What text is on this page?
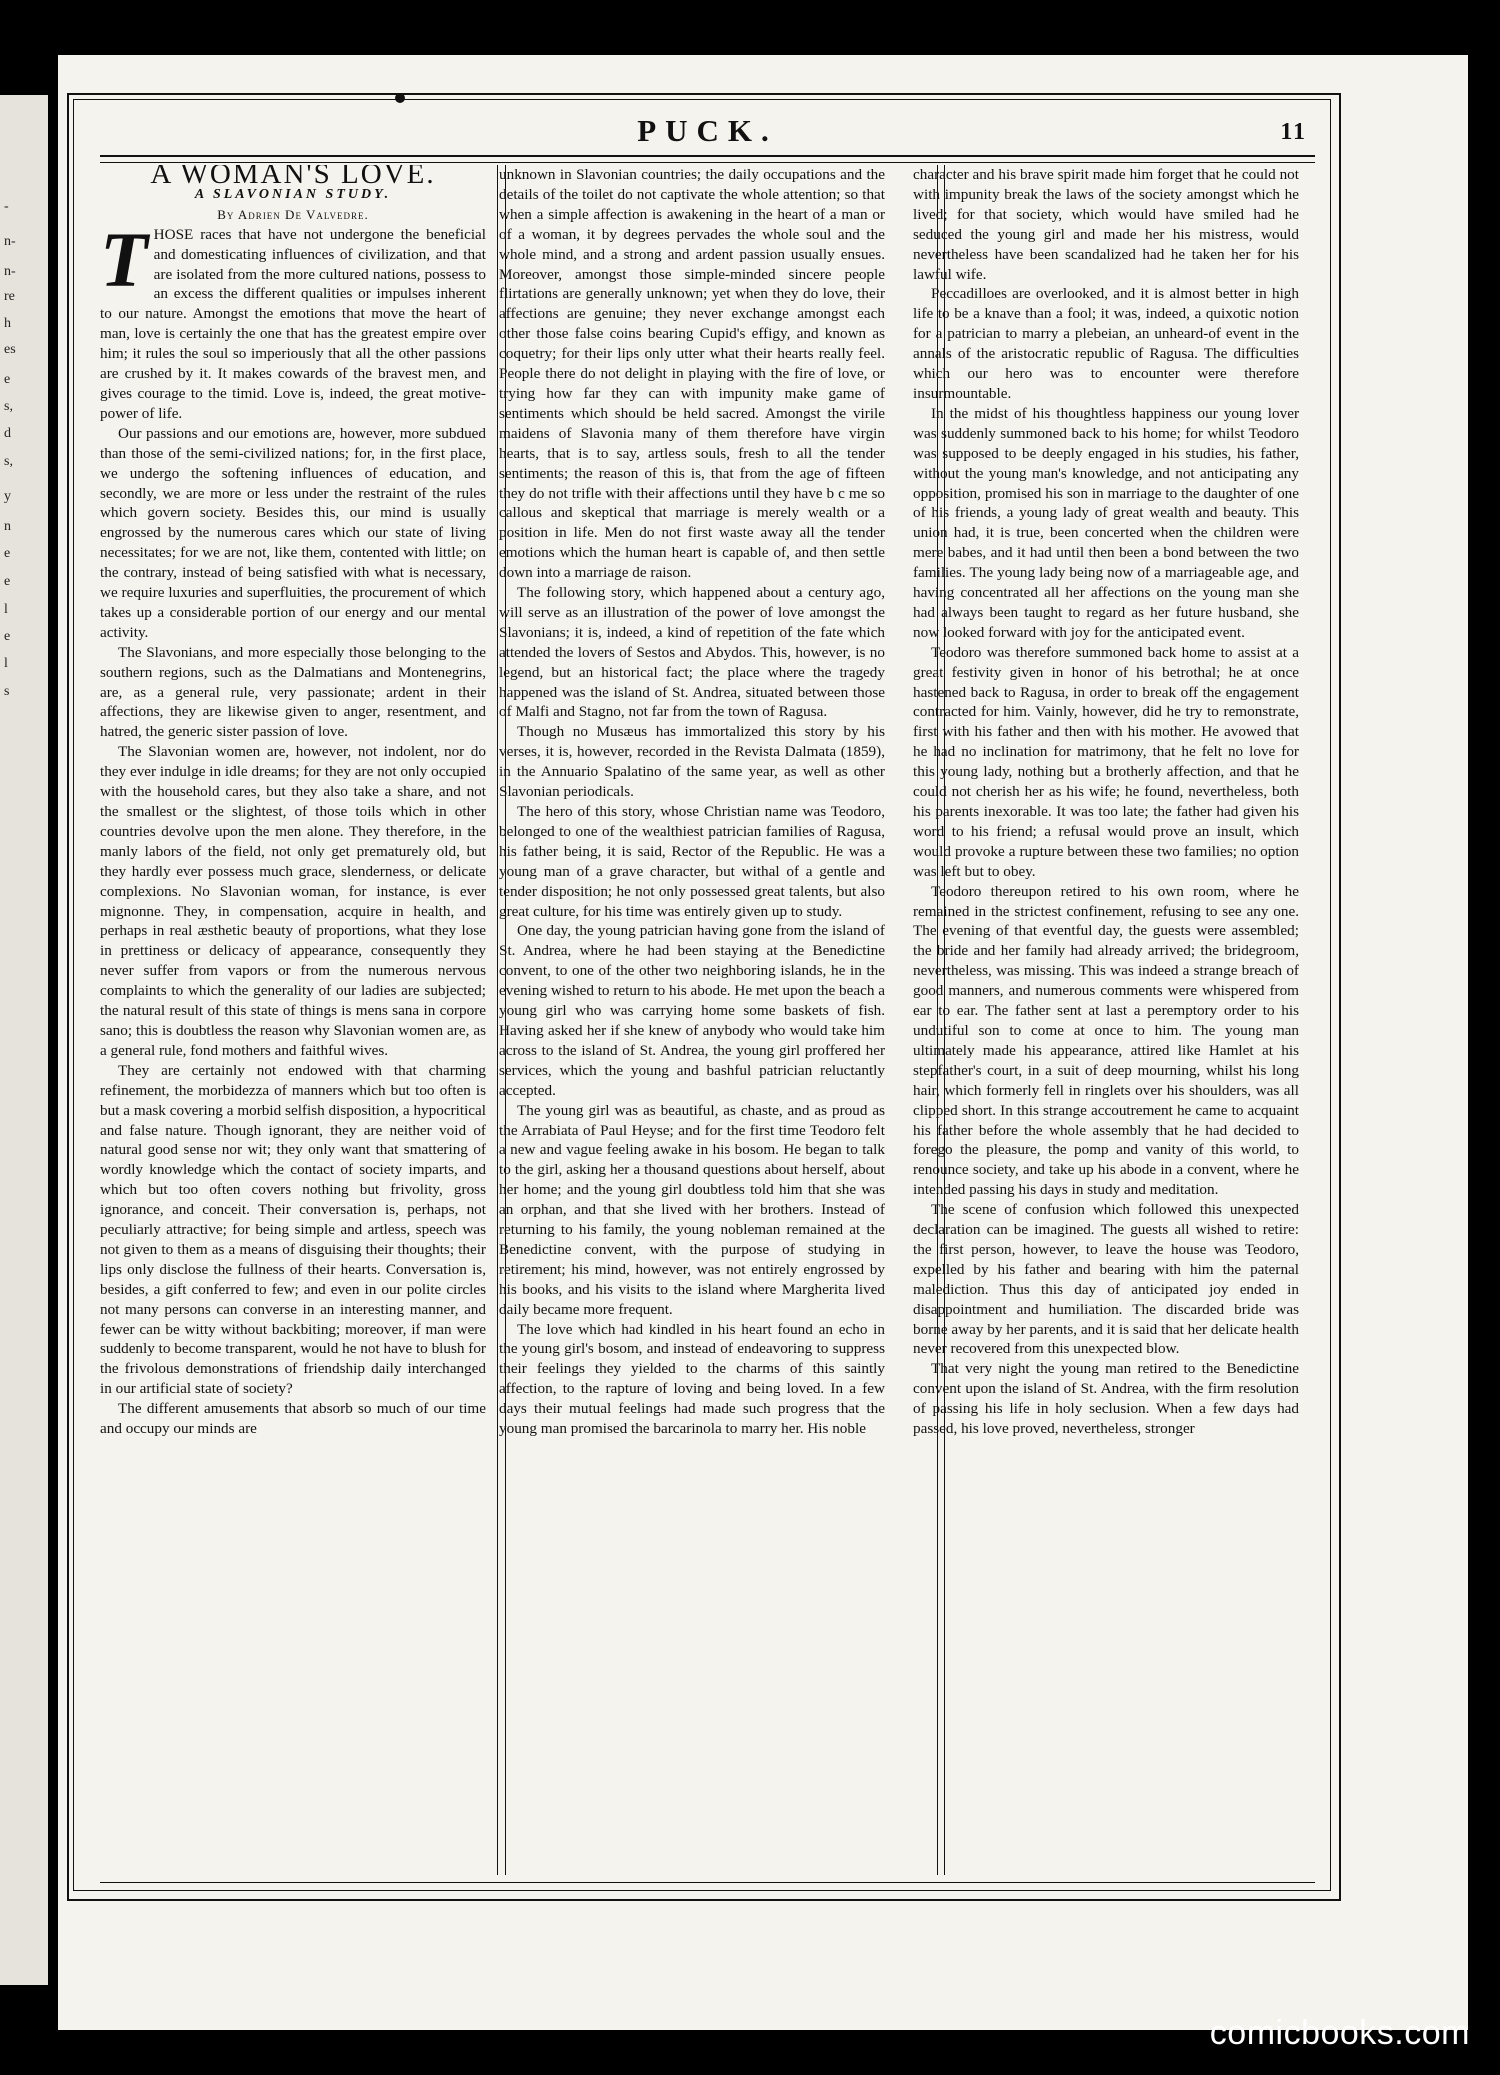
-
n-
n-
re
h
es
e
s,
d
s,
y
n
e
e
l
e
l
s
PUCK.	11

A WOMAN'S LOVE.

A SLAVONIAN STUDY.

By Adrien De Valvedre.

THOSE races that have not undergone the beneficial and domesticating influences of civilization, and that are isolated from the more cultured nations, possess to an excess the different qualities or impulses inherent to our nature. Amongst the emotions that move the heart of man, love is certainly the one that has the greatest empire over him; it rules the soul so imperiously that all the other passions are crushed by it. It makes cowards of the bravest men, and gives courage to the timid. Love is, indeed, the great motive-power of life.

Our passions and our emotions are, however, more subdued than those of the semi-civilized nations; for, in the first place, we undergo the softening influences of education, and secondly, we are more or less under the restraint of the rules which govern society. Besides this, our mind is usually engrossed by the numerous cares which our state of living necessitates; for we are not, like them, contented with little; on the contrary, instead of being satisfied with what is necessary, we require luxuries and superfluities, the procurement of which takes up a considerable portion of our energy and our mental activity.

The Slavonians, and more especially those belonging to the southern regions, such as the Dalmatians and Montenegrins, are, as a general rule, very passionate; ardent in their affections, they are likewise given to anger, resentment, and hatred, the generic sister passion of love.

The Slavonian women are, however, not indolent, nor do they ever indulge in idle dreams; for they are not only occupied with the household cares, but they also take a share, and not the smallest or the slightest, of those toils which in other countries devolve upon the men alone. They therefore, in the manly labors of the field, not only get prematurely old, but they hardly ever possess much grace, slenderness, or delicate complexions. No Slavonian woman, for instance, is ever mignonne. They, in compensation, acquire in health, and perhaps in real æsthetic beauty of proportions, what they lose in prettiness or delicacy of appearance, consequently they never suffer from vapors or from the numerous nervous complaints to which the generality of our ladies are subjected; the natural result of this state of things is mens sana in corpore sano; this is doubtless the reason why Slavonian women are, as a general rule, fond mothers and faithful wives.

They are certainly not endowed with that charming refinement, the morbidezza of manners which but too often is but a mask covering a morbid selfish disposition, a hypocritical and false nature. Though ignorant, they are neither void of natural good sense nor wit; they only want that smattering of wordly knowledge which the contact of society imparts, and which but too often covers nothing but frivolity, gross ignorance, and conceit. Their conversation is, perhaps, not peculiarly attractive; for being simple and artless, speech was not given to them as a means of disguising their thoughts; their lips only disclose the fullness of their hearts. Conversation is, besides, a gift conferred to few; and even in our polite circles not many persons can converse in an interesting manner, and fewer can be witty without backbiting; moreover, if man were suddenly to become transparent, would he not have to blush for the frivolous demonstrations of friendship daily interchanged in our artificial state of society?

The different amusements that absorb so much of our time and occupy our minds are

unknown in Slavonian countries; the daily occupations and the details of the toilet do not captivate the whole attention; so that when a simple affection is awakening in the heart of a man or of a woman, it by degrees pervades the whole soul and the whole mind, and a strong and ardent passion usually ensues. Moreover, amongst those simple-minded sincere people flirtations are generally unknown; yet when they do love, their affections are genuine; they never exchange amongst each other those false coins bearing Cupid's effigy, and known as coquetry; for their lips only utter what their hearts really feel. People there do not delight in playing with the fire of love, or trying how far they can with impunity make game of sentiments which should be held sacred. Amongst the virile maidens of Slavonia many of them therefore have virgin hearts, that is to say, artless souls, fresh to all the tender sentiments; the reason of this is, that from the age of fifteen they do not trifle with their affections until they have b c me so callous and skeptical that marriage is merely wealth or a position in life. Men do not first waste away all the tender emotions which the human heart is capable of, and then settle down into a marriage de raison.

The following story, which happened about a century ago, will serve as an illustration of the power of love amongst the Slavonians; it is, indeed, a kind of repetition of the fate which attended the lovers of Sestos and Abydos. This, however, is no legend, but an historical fact; the place where the tragedy happened was the island of St. Andrea, situated between those of Malfi and Stagno, not far from the town of Ragusa.

Though no Musæus has immortalized this story by his verses, it is, however, recorded in the Revista Dalmata (1859), in the Annuario Spalatino of the same year, as well as other Slavonian periodicals.

The hero of this story, whose Christian name was Teodoro, belonged to one of the wealthiest patrician families of Ragusa, his father being, it is said, Rector of the Republic. He was a young man of a grave character, but withal of a gentle and tender disposition; he not only possessed great talents, but also great culture, for his time was entirely given up to study.

One day, the young patrician having gone from the island of St. Andrea, where he had been staying at the Benedictine convent, to one of the other two neighboring islands, he in the evening wished to return to his abode. He met upon the beach a young girl who was carrying home some baskets of fish. Having asked her if she knew of anybody who would take him across to the island of St. Andrea, the young girl proffered her services, which the young and bashful patrician reluctantly accepted.

The young girl was as beautiful, as chaste, and as proud as the Arrabiata of Paul Heyse; and for the first time Teodoro felt a new and vague feeling awake in his bosom. He began to talk to the girl, asking her a thousand questions about herself, about her home; and the young girl doubtless told him that she was an orphan, and that she lived with her brothers. Instead of returning to his family, the young nobleman remained at the Benedictine convent, with the purpose of studying in retirement; his mind, however, was not entirely engrossed by his books, and his visits to the island where Margherita lived daily became more frequent.

The love which had kindled in his heart found an echo in the young girl's bosom, and instead of endeavoring to suppress their feelings they yielded to the charms of this saintly affection, to the rapture of loving and being loved. In a few days their mutual feelings had made such progress that the young man promised the barcarinola to marry her. His noble

character and his brave spirit made him forget that he could not with impunity break the laws of the society amongst which he lived; for that society, which would have smiled had he seduced the young girl and made her his mistress, would nevertheless have been scandalized had he taken her for his lawful wife.

Peccadilloes are overlooked, and it is almost better in high life to be a knave than a fool; it was, indeed, a quixotic notion for a patrician to marry a plebeian, an unheard-of event in the annals of the aristocratic republic of Ragusa. The difficulties which our hero was to encounter were therefore insurmountable.

In the midst of his thoughtless happiness our young lover was suddenly summoned back to his home; for whilst Teodoro was supposed to be deeply engaged in his studies, his father, without the young man's knowledge, and not anticipating any opposition, promised his son in marriage to the daughter of one of his friends, a young lady of great wealth and beauty. This union had, it is true, been concerted when the children were mere babes, and it had until then been a bond between the two families. The young lady being now of a marriageable age, and having concentrated all her affections on the young man she had always been taught to regard as her future husband, she now looked forward with joy for the anticipated event.

Teodoro was therefore summoned back home to assist at a great festivity given in honor of his betrothal; he at once hastened back to Ragusa, in order to break off the engagement contracted for him. Vainly, however, did he try to remonstrate, first with his father and then with his mother. He avowed that he had no inclination for matrimony, that he felt no love for this young lady, nothing but a brotherly affection, and that he could not cherish her as his wife; he found, nevertheless, both his parents inexorable. It was too late; the father had given his word to his friend; a refusal would prove an insult, which would provoke a rupture between these two families; no option was left but to obey.

Teodoro thereupon retired to his own room, where he remained in the strictest confinement, refusing to see any one. The evening of that eventful day, the guests were assembled; the bride and her family had already arrived; the bridegroom, nevertheless, was missing. This was indeed a strange breach of good manners, and numerous comments were whispered from ear to ear. The father sent at last a peremptory order to his undutiful son to come at once to him. The young man ultimately made his appearance, attired like Hamlet at his stepfather's court, in a suit of deep mourning, whilst his long hair, which formerly fell in ringlets over his shoulders, was all clipped short. In this strange accoutrement he came to acquaint his father before the whole assembly that he had decided to forego the pleasure, the pomp and vanity of this world, to renounce society, and take up his abode in a convent, where he intended passing his days in study and meditation.

The scene of confusion which followed this unexpected declaration can be imagined. The guests all wished to retire: the first person, however, to leave the house was Teodoro, expelled by his father and bearing with him the paternal malediction. Thus this day of anticipated joy ended in disappointment and humiliation. The discarded bride was borne away by her parents, and it is said that her delicate health never recovered from this unexpected blow.

That very night the young man retired to the Benedictine convent upon the island of St. Andrea, with the firm resolution of passing his life in holy seclusion. When a few days had passed, his love proved, nevertheless, stronger

comicbooks.com
